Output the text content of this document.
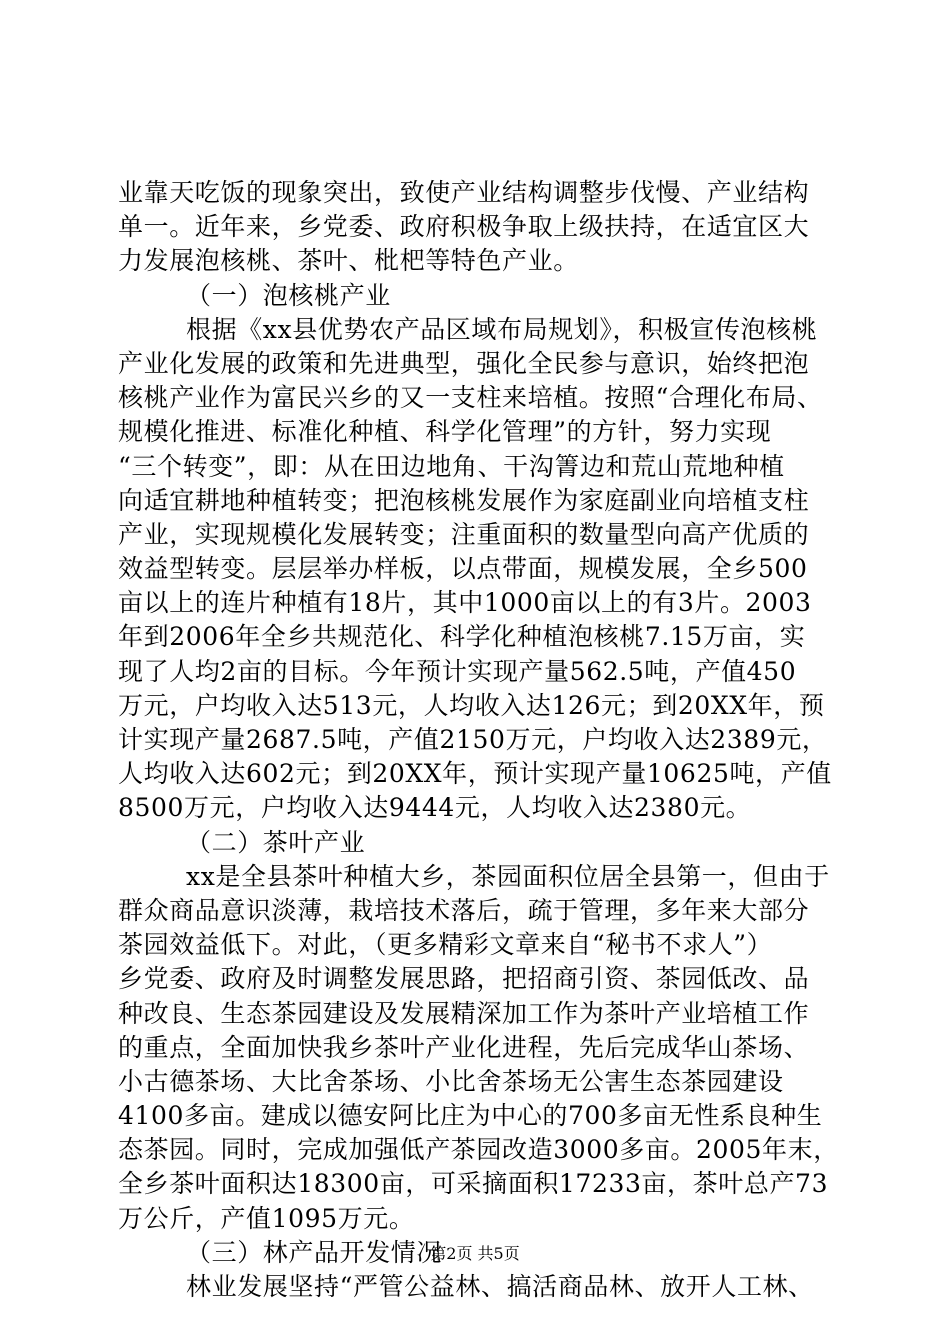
业靠天吃饭的现象突出，致使产业结构调整步伐慢、产业结构
单一。近年来，乡党委、政府积极争取上级扶持，在适宜区大
力发展泡核桃、茶叶、枇杷等特色产业。
（一）泡核桃产业
根据《xx县优势农产品区域布局规划》，积极宣传泡核桃
产业化发展的政策和先进典型，强化全民参与意识，始终把泡
核桃产业作为富民兴乡的又一支柱来培植。按照“合理化布局、
规模化推进、标准化种植、科学化管理”的方针，努力实现
“三个转变”，即：从在田边地角、干沟箐边和荒山荒地种植
向适宜耕地种植转变；把泡核桃发展作为家庭副业向培植支柱
产业，实现规模化发展转变；注重面积的数量型向高产优质的
效益型转变。层层举办样板，以点带面，规模发展，全乡500
亩以上的连片种植有18片，其中1000亩以上的有3片。2003
年到2006年全乡共规范化、科学化种植泡核桃7.15万亩，实
现了人均2亩的目标。今年预计实现产量562.5吨，产值450
万元，户均收入达513元，人均收入达126元；到20XX年，预
计实现产量2687.5吨，产值2150万元，户均收入达2389元，
人均收入达602元；到20XX年，预计实现产量10625吨，产值
8500万元，户均收入达9444元，人均收入达2380元。
（二）茶叶产业
xx是全县茶叶种植大乡，茶园面积位居全县第一，但由于
群众商品意识淡薄，栽培技术落后，疏于管理，多年来大部分
茶园效益低下。对此，（更多精彩文章来自“秘书不求人”）
乡党委、政府及时调整发展思路，把招商引资、茶园低改、品
种改良、生态茶园建设及发展精深加工作为茶叶产业培植工作
的重点，全面加快我乡茶叶产业化进程，先后完成华山茶场、
小古德茶场、大比舍茶场、小比舍茶场无公害生态茶园建设
4100多亩。建成以德安阿比庄为中心的700多亩无性系良种生
态茶园。同时，完成加强低产茶园改造3000多亩。2005年末，
全乡茶叶面积达18300亩，可采摘面积17233亩，茶叶总产73
万公斤，产值1095万元。
（三）林产品开发情况
林业发展坚持“严管公益林、搞活商品林、放开人工林、
第2页 共5页
